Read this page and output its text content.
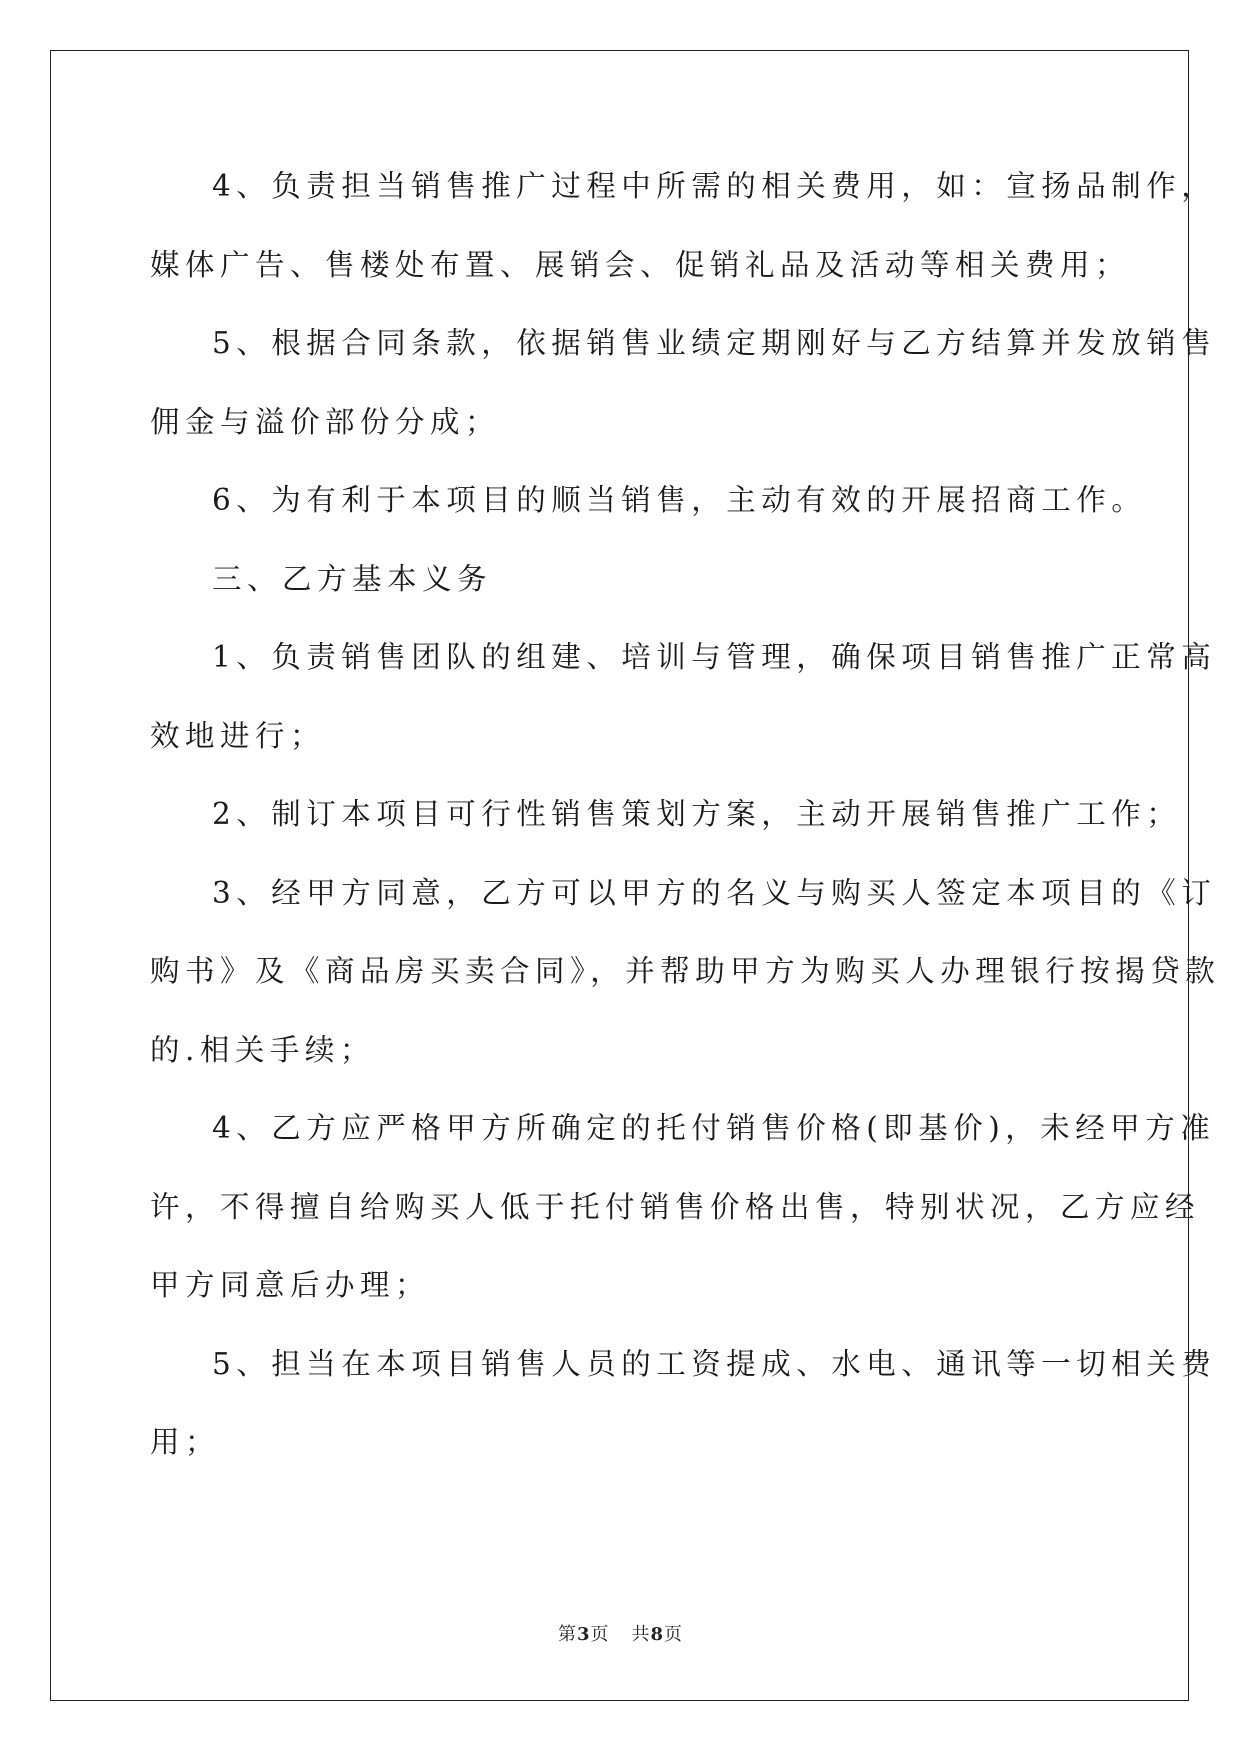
4、负责担当销售推广过程中所需的相关费用，如：宣扬品制作，
媒体广告、售楼处布置、展销会、促销礼品及活动等相关费用；
5、根据合同条款，依据销售业绩定期刚好与乙方结算并发放销售
佣金与溢价部份分成；
6、为有利于本项目的顺当销售，主动有效的开展招商工作。
三、乙方基本义务
1、负责销售团队的组建、培训与管理，确保项目销售推广正常高
效地进行；
2、制订本项目可行性销售策划方案，主动开展销售推广工作；
3、经甲方同意，乙方可以甲方的名义与购买人签定本项目的《订
购书》及《商品房买卖合同》，并帮助甲方为购买人办理银行按揭贷款
的.相关手续；
4、乙方应严格甲方所确定的托付销售价格(即基价)，未经甲方准
许，不得擅自给购买人低于托付销售价格出售，特别状况，乙方应经
甲方同意后办理；
5、担当在本项目销售人员的工资提成、水电、通讯等一切相关费
用；
第3页 共8页
